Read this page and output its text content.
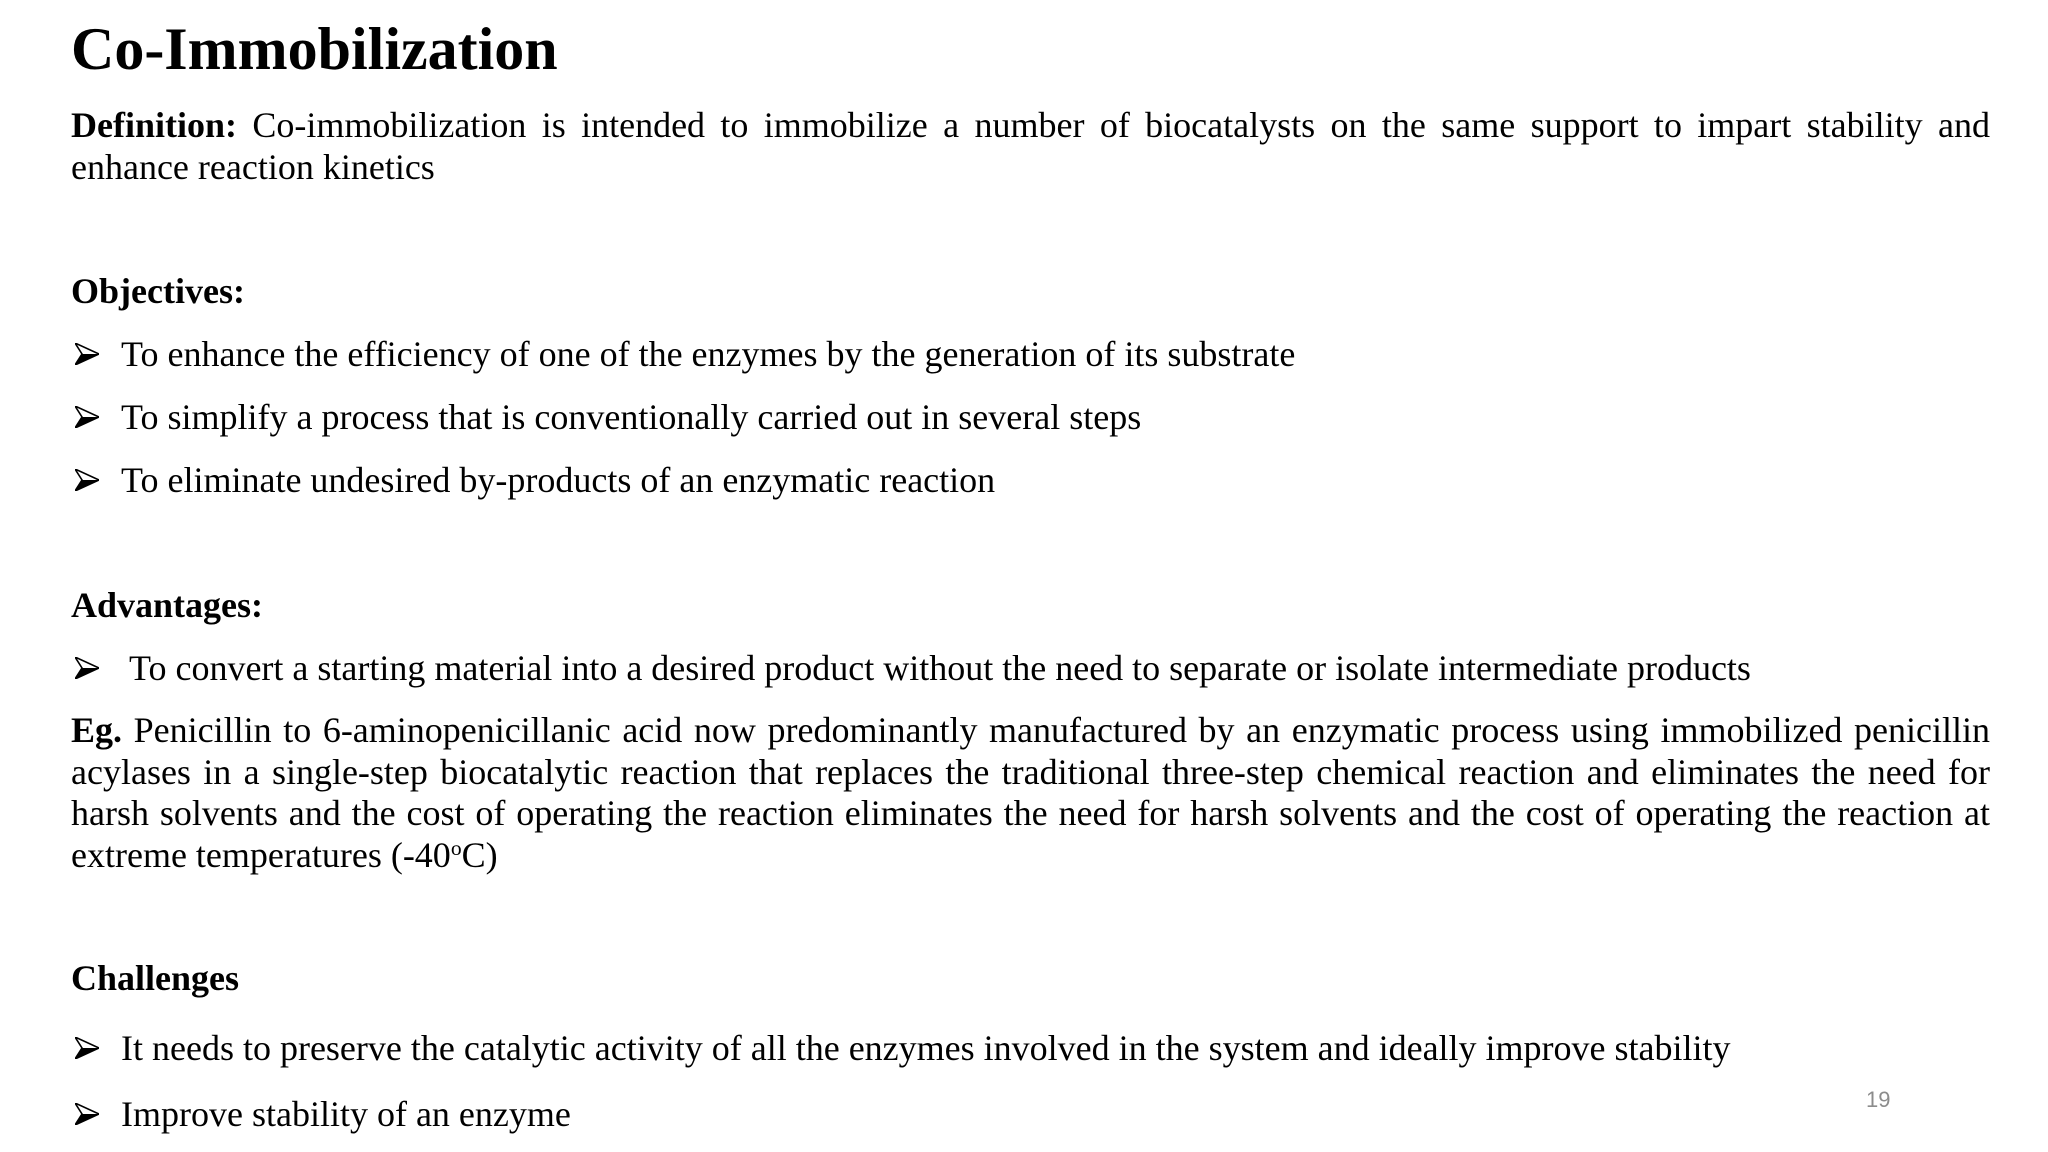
Co-Immobilization
Definition: Co-immobilization is intended to immobilize a number of biocatalysts on the same support to impart stability and enhance reaction kinetics
Objectives:
To enhance the efficiency of one of the enzymes by the generation of its substrate
To simplify a process that is conventionally carried out in several steps
To eliminate undesired by-products of an enzymatic reaction
Advantages:
To convert a starting material into a desired product without the need to separate or isolate intermediate products
Eg. Penicillin to 6-aminopenicillanic acid now predominantly manufactured by an enzymatic process using immobilized penicillin acylases in a single-step biocatalytic reaction that replaces the traditional three-step chemical reaction and eliminates the need for harsh solvents and the cost of operating the reaction eliminates the need for harsh solvents and the cost of operating the reaction at extreme temperatures (-40$^o$C)
Challenges
It needs to preserve the catalytic activity of all the enzymes involved in the system and ideally improve stability
Improve stability of an enzyme	19
